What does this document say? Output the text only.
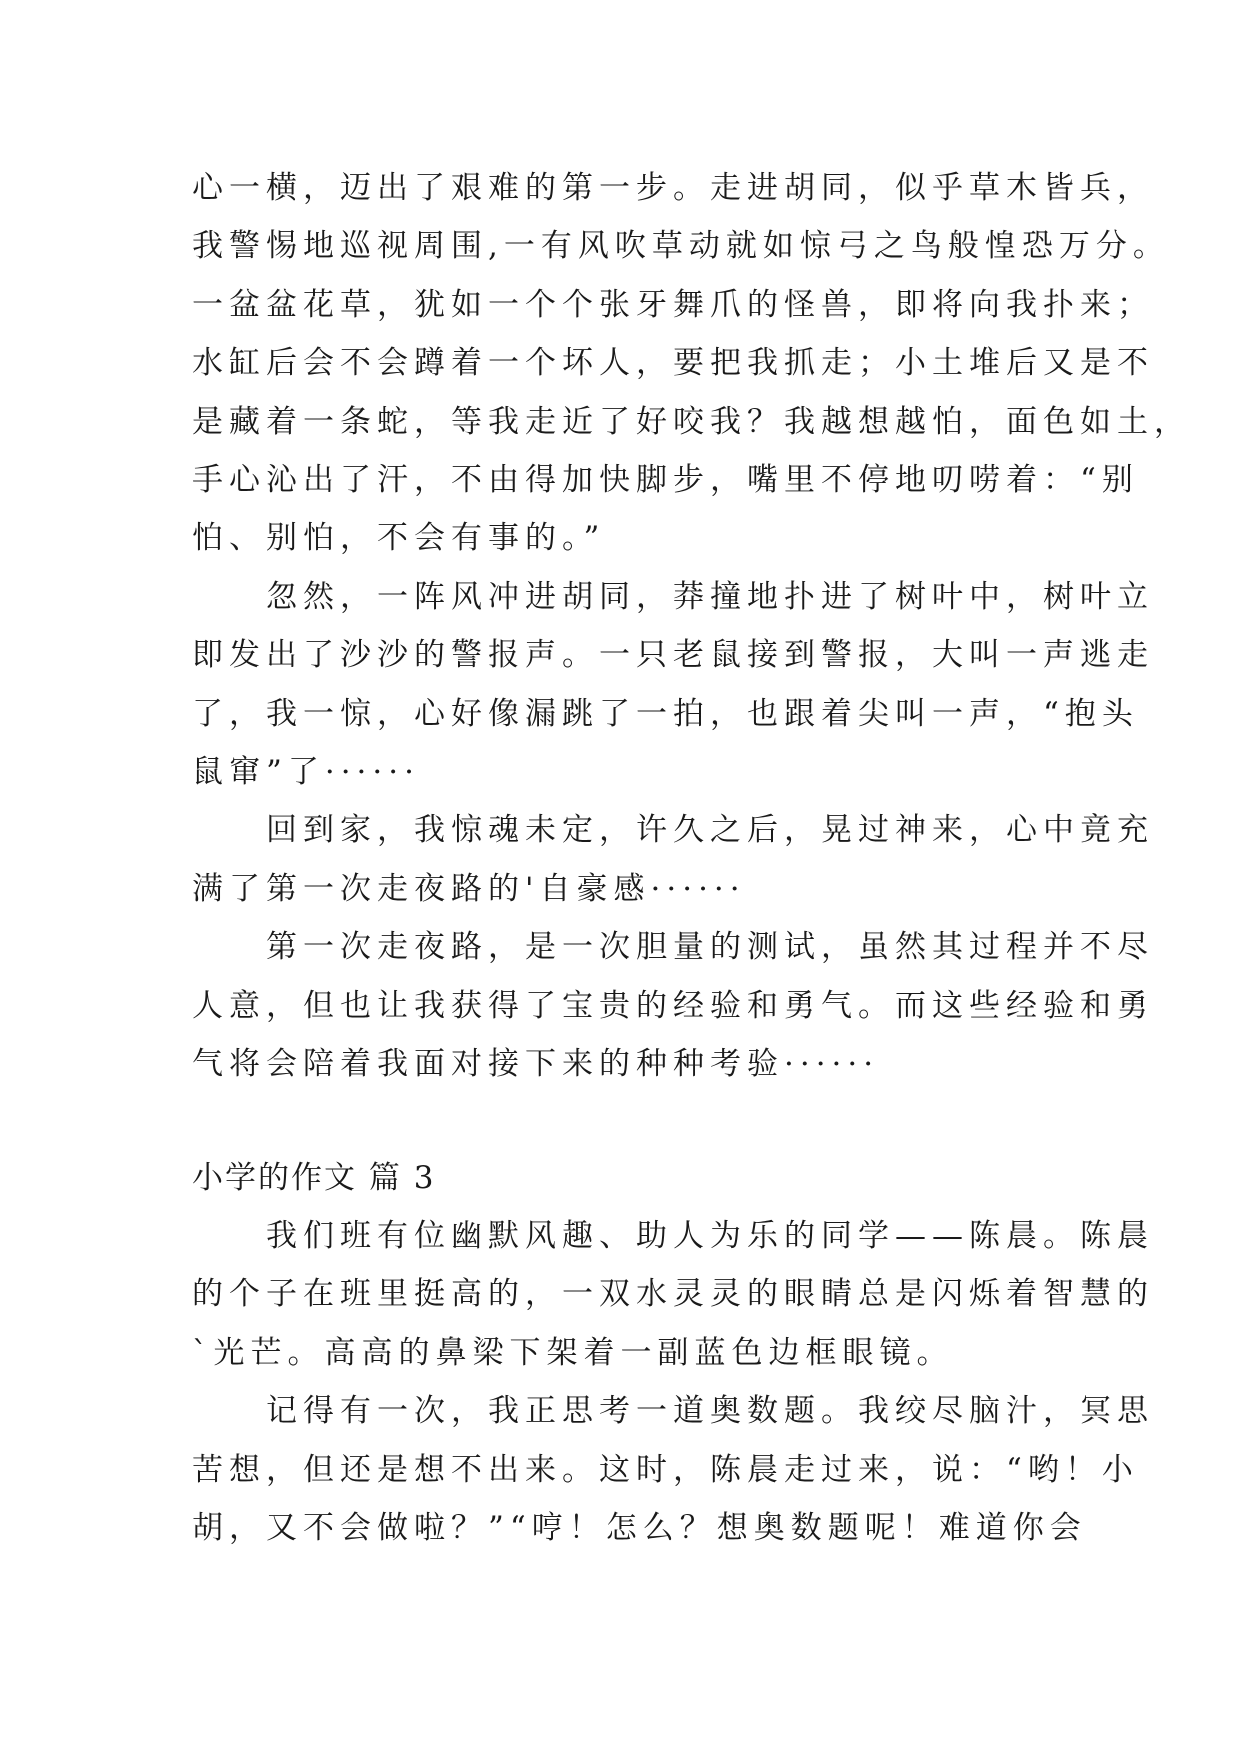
心一横，迈出了艰难的第一步。走进胡同，似乎草木皆兵，

我警惕地巡视周围,一有风吹草动就如惊弓之鸟般惶恐万分。

一盆盆花草，犹如一个个张牙舞爪的怪兽，即将向我扑来；

水缸后会不会蹲着一个坏人，要把我抓走；小土堆后又是不

是藏着一条蛇，等我走近了好咬我？我越想越怕，面色如土，

手心沁出了汗，不由得加快脚步，嘴里不停地叨唠着：“别

怕、别怕，不会有事的。”

　　忽然，一阵风冲进胡同，莽撞地扑进了树叶中，树叶立

即发出了沙沙的警报声。一只老鼠接到警报，大叫一声逃走

了，我一惊，心好像漏跳了一拍，也跟着尖叫一声，“抱头

鼠窜”了······

　　回到家，我惊魂未定，许久之后，晃过神来，心中竟充

满了第一次走夜路的'自豪感······

　　第一次走夜路，是一次胆量的测试，虽然其过程并不尽

人意，但也让我获得了宝贵的经验和勇气。而这些经验和勇

气将会陪着我面对接下来的种种考验······

小学的作文 篇 3

　　我们班有位幽默风趣、助人为乐的同学——陈晨。陈晨

的个子在班里挺高的，一双水灵灵的眼睛总是闪烁着智慧的

`光芒。高高的鼻梁下架着一副蓝色边框眼镜。

　　记得有一次，我正思考一道奥数题。我绞尽脑汁，冥思

苦想，但还是想不出来。这时，陈晨走过来，说：“哟！小

胡，又不会做啦？”“哼！怎么？想奥数题呢！难道你会
